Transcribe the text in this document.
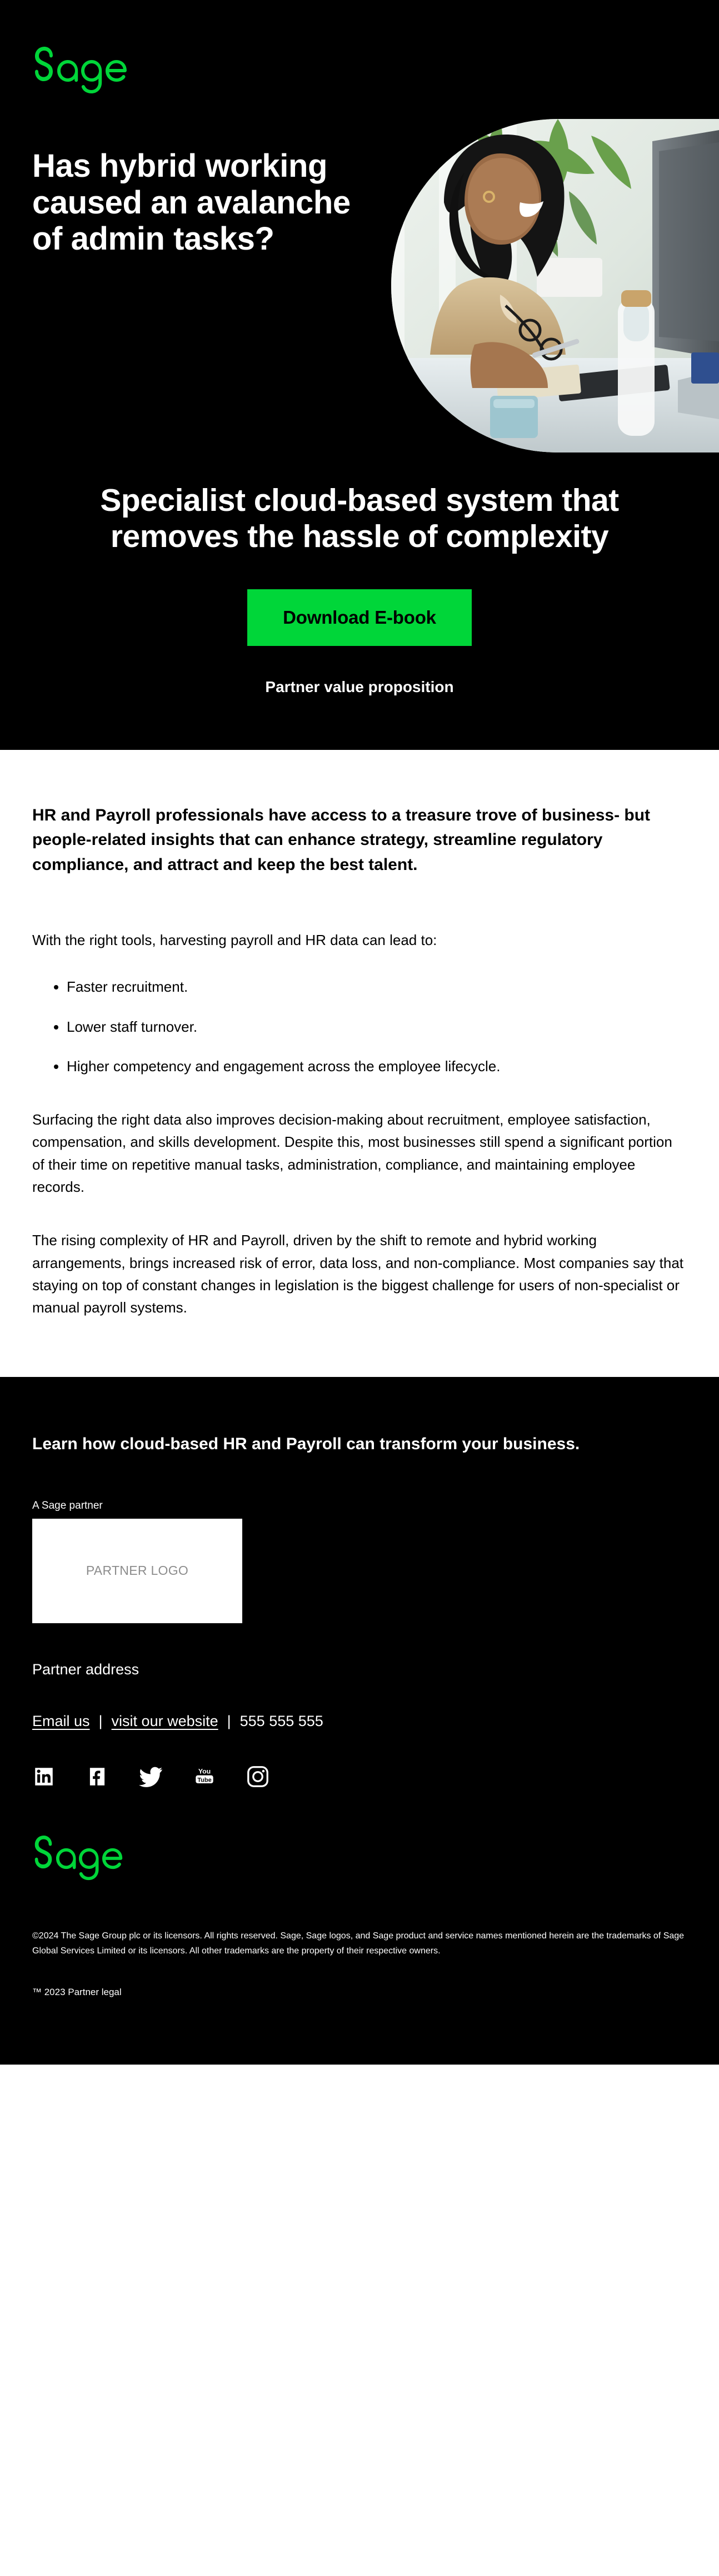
Has hybrid working caused an avalanche of admin tasks?
Specialist cloud-based system that removes the hassle of complexity
Download E-book
Partner value proposition

HR and Payroll professionals have access to a treasure trove of business- but people-related insights that can enhance strategy, streamline regulatory compliance, and attract and keep the best talent.

With the right tools, harvesting payroll and HR data can lead to:

• Faster recruitment.
• Lower staff turnover.
• Higher competency and engagement across the employee lifecycle.

Surfacing the right data also improves decision-making about recruitment, employee satisfaction, compensation, and skills development. Despite this, most businesses still spend a significant portion of their time on repetitive manual tasks, administration, compliance, and maintaining employee records.

The rising complexity of HR and Payroll, driven by the shift to remote and hybrid working arrangements, brings increased risk of error, data loss, and non-compliance. Most companies say that staying on top of constant changes in legislation is the biggest challenge for users of non-specialist or manual payroll systems.

Learn how cloud-based HR and Payroll can transform your business.
A Sage partner
PARTNER LOGO
Partner address
Email us | visit our website | 555 555 555
You
Tube

©2024 The Sage Group plc or its licensors. All rights reserved. Sage, Sage logos, and Sage product and service names mentioned herein are the trademarks of Sage Global Services Limited or its licensors. All other trademarks are the property of their respective owners.

™ 2023 Partner legal
